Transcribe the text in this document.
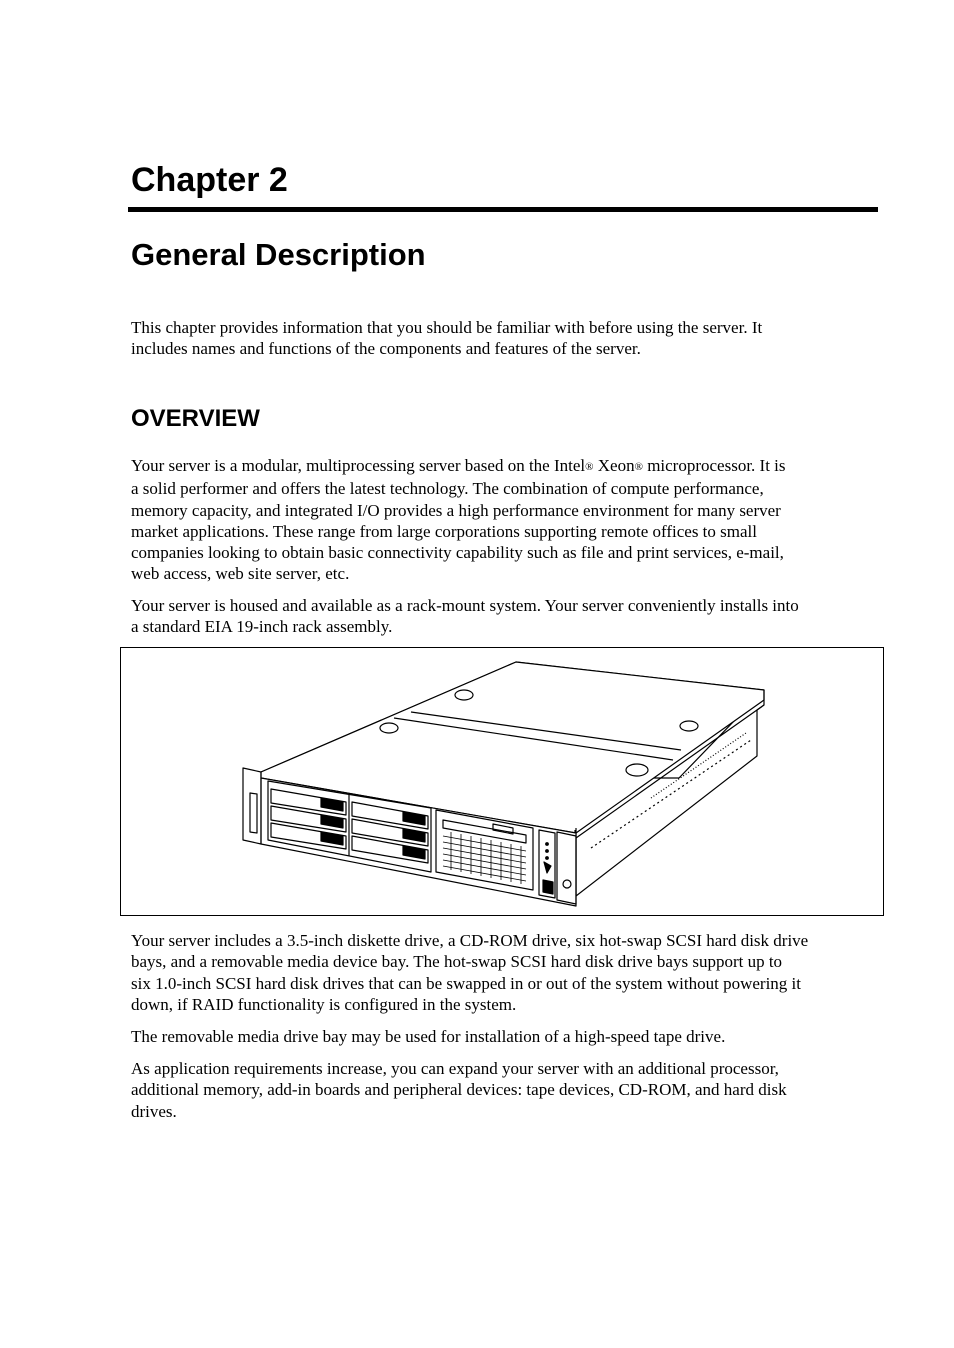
Chapter 2
General Description

This chapter provides information that you should be familiar with before using the server. It
includes names and functions of the components and features of the server.

OVERVIEW

Your server is a modular, multiprocessing server based on the Intel® Xeon® microprocessor. It is
a solid performer and offers the latest technology. The combination of compute performance,
memory capacity, and integrated I/O provides a high performance environment for many server
market applications. These range from large corporations supporting remote offices to small
companies looking to obtain basic connectivity capability such as file and print services, e-mail,
web access, web site server, etc.

Your server is housed and available as a rack-mount system. Your server conveniently installs into
a standard EIA 19-inch rack assembly.

Your server includes a 3.5-inch diskette drive, a CD-ROM drive, six hot-swap SCSI hard disk drive
bays, and a removable media device bay. The hot-swap SCSI hard disk drive bays support up to
six 1.0-inch SCSI hard disk drives that can be swapped in or out of the system without powering it
down, if RAID functionality is configured in the system.

The removable media drive bay may be used for installation of a high-speed tape drive.

As application requirements increase, you can expand your server with an additional processor,
additional memory, add-in boards and peripheral devices: tape devices, CD-ROM, and hard disk
drives.
